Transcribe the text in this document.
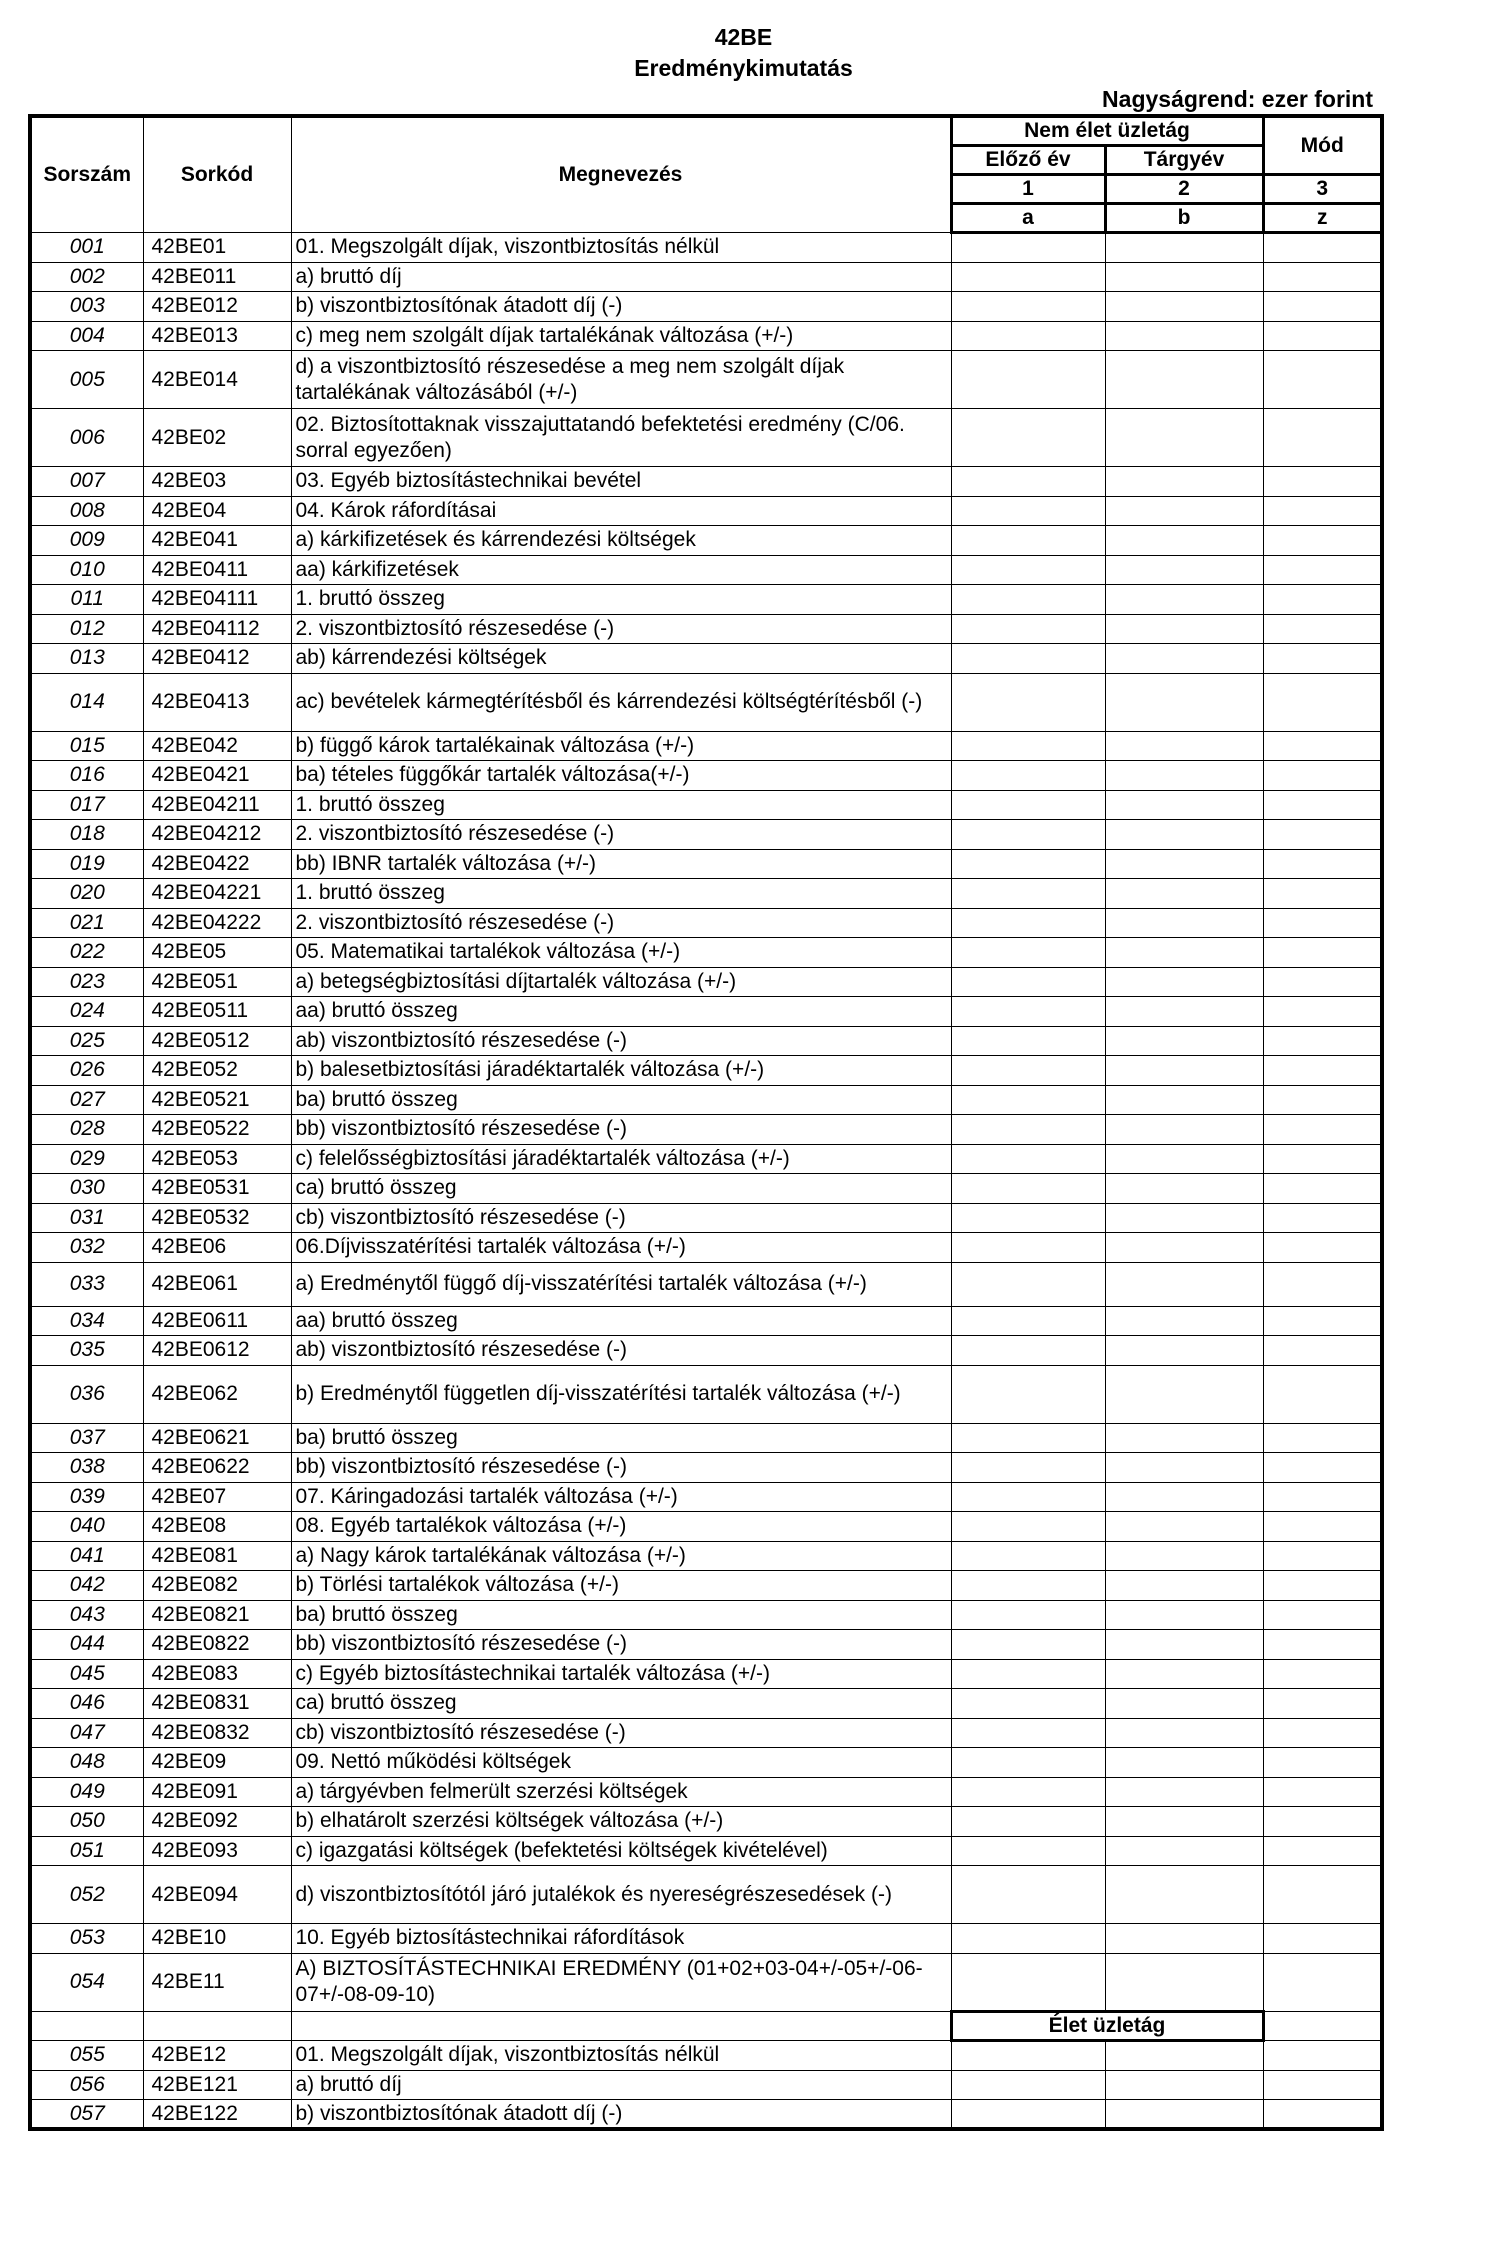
42BE
Eredménykimutatás
Nagyságrend: ezer forint
Sorszám	Sorkód	Megnevezés	Nem élet üzletág		Mód
			Előző év	Tárgyév	
			1	2	3
			a	b	z
001	42BE01	01. Megszolgált díjak, viszontbiztosítás nélkül			
002	42BE011	a) bruttó díj			
003	42BE012	b) viszontbiztosítónak átadott díj (-)			
004	42BE013	c) meg nem szolgált díjak tartalékának változása (+/-)			
005	42BE014	d) a viszontbiztosító részesedése a meg nem szolgált díjak tartalékának változásából (+/-)			
006	42BE02	02. Biztosítottaknak visszajuttatandó befektetési eredmény (C/06. sorral egyezően)			
007	42BE03	03. Egyéb biztosítástechnikai bevétel			
008	42BE04	04. Károk ráfordításai			
009	42BE041	a) kárkifizetések és kárrendezési költségek			
010	42BE0411	aa) kárkifizetések			
011	42BE04111	1. bruttó összeg			
012	42BE04112	2. viszontbiztosító részesedése (-)			
013	42BE0412	ab) kárrendezési költségek			
014	42BE0413	ac) bevételek kármegtérítésből és kárrendezési költségtérítésből (-)			
015	42BE042	b) függő károk tartalékainak változása (+/-)			
016	42BE0421	ba) tételes függőkár tartalék változása(+/-)			
017	42BE04211	1. bruttó összeg			
018	42BE04212	2. viszontbiztosító részesedése (-)			
019	42BE0422	bb) IBNR tartalék változása (+/-)			
020	42BE04221	1. bruttó összeg			
021	42BE04222	2. viszontbiztosító részesedése (-)			
022	42BE05	05. Matematikai tartalékok változása (+/-)			
023	42BE051	a) betegségbiztosítási díjtartalék változása (+/-)			
024	42BE0511	aa) bruttó összeg			
025	42BE0512	ab) viszontbiztosító részesedése (-)			
026	42BE052	b) balesetbiztosítási járadéktartalék változása (+/-)			
027	42BE0521	ba) bruttó összeg			
028	42BE0522	bb) viszontbiztosító részesedése (-)			
029	42BE053	c) felelősségbiztosítási járadéktartalék változása (+/-)			
030	42BE0531	ca) bruttó összeg			
031	42BE0532	cb) viszontbiztosító részesedése (-)			
032	42BE06	06.Díjvisszatérítési tartalék változása (+/-)			
033	42BE061	a) Eredménytől függő díj-visszatérítési tartalék változása (+/-)			
034	42BE0611	aa) bruttó összeg			
035	42BE0612	ab) viszontbiztosító részesedése (-)			
036	42BE062	b) Eredménytől független díj-visszatérítési tartalék változása (+/-)			
037	42BE0621	ba) bruttó összeg			
038	42BE0622	bb) viszontbiztosító részesedése (-)			
039	42BE07	07. Káringadozási tartalék változása (+/-)			
040	42BE08	08. Egyéb tartalékok változása (+/-)			
041	42BE081	a) Nagy károk tartalékának változása (+/-)			
042	42BE082	b) Törlési tartalékok változása (+/-)			
043	42BE0821	ba) bruttó összeg			
044	42BE0822	bb) viszontbiztosító részesedése (-)			
045	42BE083	c) Egyéb biztosítástechnikai tartalék változása (+/-)			
046	42BE0831	ca) bruttó összeg			
047	42BE0832	cb) viszontbiztosító részesedése (-)			
048	42BE09	09. Nettó működési költségek			
049	42BE091	a) tárgyévben felmerült szerzési költségek			
050	42BE092	b) elhatárolt szerzési költségek változása (+/-)			
051	42BE093	c) igazgatási költségek (befektetési költségek kivételével)			
052	42BE094	d) viszontbiztosítótól járó jutalékok és nyereségrészesedések (-)			
053	42BE10	10. Egyéb biztosítástechnikai ráfordítások			
054	42BE11	A) BIZTOSÍTÁSTECHNIKAI EREDMÉNY (01+02+03-04+/-05+/-06-07+/-08-09-10)			
			Élet üzletág		
055	42BE12	01. Megszolgált díjak, viszontbiztosítás nélkül			
056	42BE121	a) bruttó díj			
057	42BE122	b) viszontbiztosítónak átadott díj (-)			
